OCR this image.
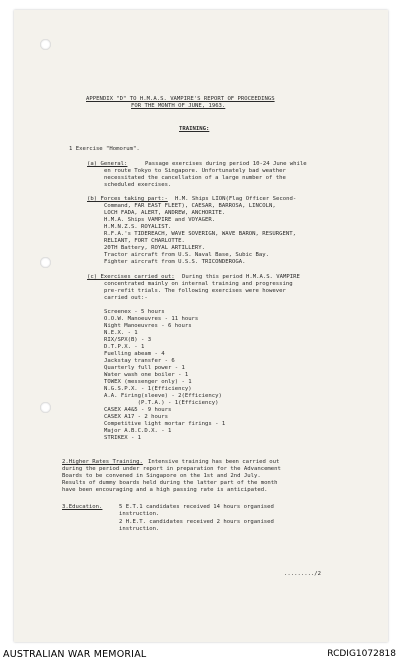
APPENDIX "D" TO H.M.A.S. VAMPIRE'S REPORT OF PROCEEDINGS
FOR THE MONTH OF JUNE, 1963.
TRAINING:
1 Exercise "Homorum".
(a) General:	Passage exercises during period 10-24 June while
en route Tokyo to Singapore. Unfortunately bad weather
necessitated the cancellation of a large number of the
scheduled exercises.
(b) Forces taking part:- H.M. Ships LION(Flag Officer Second-
Command, FAR EAST FLEET), CAESAR, BARROSA, LINCOLN,
LOCH FADA, ALERT, ANDREW, ANCHORITE.
H.M.A. Ships VAMPIRE and VOYAGER.
H.M.N.Z.S. ROYALIST.
R.F.A.'s TIDEREACH, WAVE SOVERIGN, WAVE BARON, RESURGENT,
RELIANT, FORT CHARLOTTE.
20TH Battery, ROYAL ARTILLERY.
Tractor aircraft from U.S. Naval Base, Subic Bay.
Fighter aircraft from U.S.S. TRICONDEROGA.
(c) Exercises carried out: During this period H.M.A.S. VAMPIRE
concentrated mainly on internal training and progressing
pre-refit trials. The following exercises were however
carried out:-
Screenex - 5 hours
O.O.W. Manoeuvres - 11 hours
Night Manoeuvres - 6 hours
N.E.X. - 1
RIX/SPX(B) - 3
D.T.P.X. - 1
Fuelling abeam - 4
Jackstay transfer - 6
Quarterly full power - 1
Water wash one boiler - 1
TOWEX (messenger only) - 1
N.G.S.P.X. - 1(Efficiency)
A.A. Firing(sleeve) - 2(Efficiency)
(P.T.A.) - 1(Efficiency)
CASEX A4&5 - 9 hours
CASEX A17 - 2 hours
Competitive light mortar firings - 1
Major A.B.C.D.X. - 1
STRIKEX - 1
2.Higher Rates Training. Intensive training has been carried out
during the period under report in preparation for the Advancement
Boards to be convened in Singapore on the 1st and 2nd July.
Results of dummy boards held during the latter part of the month
have been encouraging and a high passing rate is anticipated.
3.Education.	5 E.T.1 candidates received 14 hours organised
instruction.
2 H.E.T. candidates received 2 hours organised
instruction.
........./2
AUSTRALIAN WAR MEMORIAL	RCDIG1072818
